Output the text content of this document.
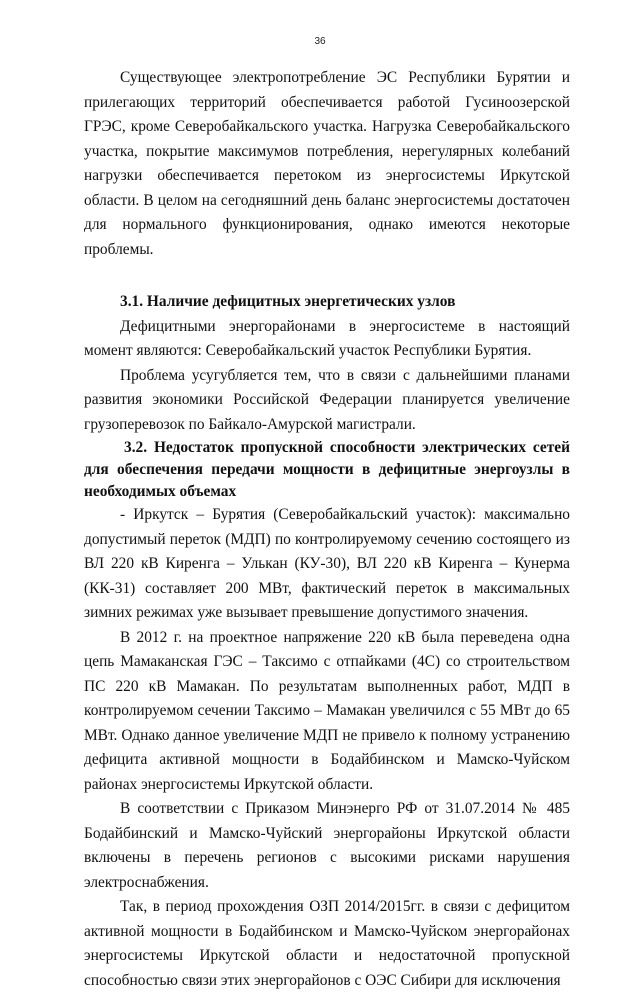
36

Существующее электропотребление ЭС Республики Бурятии и прилегающих территорий обеспечивается работой Гусиноозерской ГРЭС, кроме Северобайкальского участка. Нагрузка Северобайкальского участка, покрытие максимумов потребления, нерегулярных колебаний нагрузки обеспечивается перетоком из энергосистемы Иркутской области. В целом на сегодняшний день баланс энергосистемы достаточен для нормального функционирования, однако имеются некоторые проблемы.

3.1. Наличие дефицитных энергетических узлов

Дефицитными энергорайонами в энергосистеме в настоящий момент являются: Северобайкальский участок Республики Бурятия.

Проблема усугубляется тем, что в связи с дальнейшими планами развития экономики Российской Федерации планируется увеличение грузоперевозок по Байкало-Амурской магистрали.

3.2. Недостаток пропускной способности электрических сетей для обеспечения передачи мощности в дефицитные энергоузлы в необходимых объемах

- Иркутск – Бурятия (Северобайкальский участок): максимально допустимый переток (МДП) по контролируемому сечению состоящего из ВЛ 220 кВ Киренга – Улькан (КУ-30), ВЛ 220 кВ Киренга – Кунерма (КК-31) составляет 200 МВт, фактический переток в максимальных зимних режимах уже вызывает превышение допустимого значения.

В 2012 г. на проектное напряжение 220 кВ была переведена одна цепь Мамаканская ГЭС – Таксимо с отпайками (4С) со строительством ПС 220 кВ Мамакан. По результатам выполненных работ, МДП в контролируемом сечении Таксимо – Мамакан увеличился с 55 МВт до 65 МВт. Однако данное увеличение МДП не привело к полному устранению дефицита активной мощности в Бодайбинском и Мамско-Чуйском районах энергосистемы Иркутской области.

В соответствии с Приказом Минэнерго РФ от 31.07.2014 № 485 Бодайбинский и Мамско-Чуйский энергорайоны Иркутской области включены в перечень регионов с высокими рисками нарушения электроснабжения.

Так, в период прохождения ОЗП 2014/2015гг. в связи с дефицитом активной мощности в Бодайбинском и Мамско-Чуйском энергорайонах энергосистемы Иркутской области и недостаточной пропускной способностью связи этих энергорайонов с ОЭС Сибири для исключения
